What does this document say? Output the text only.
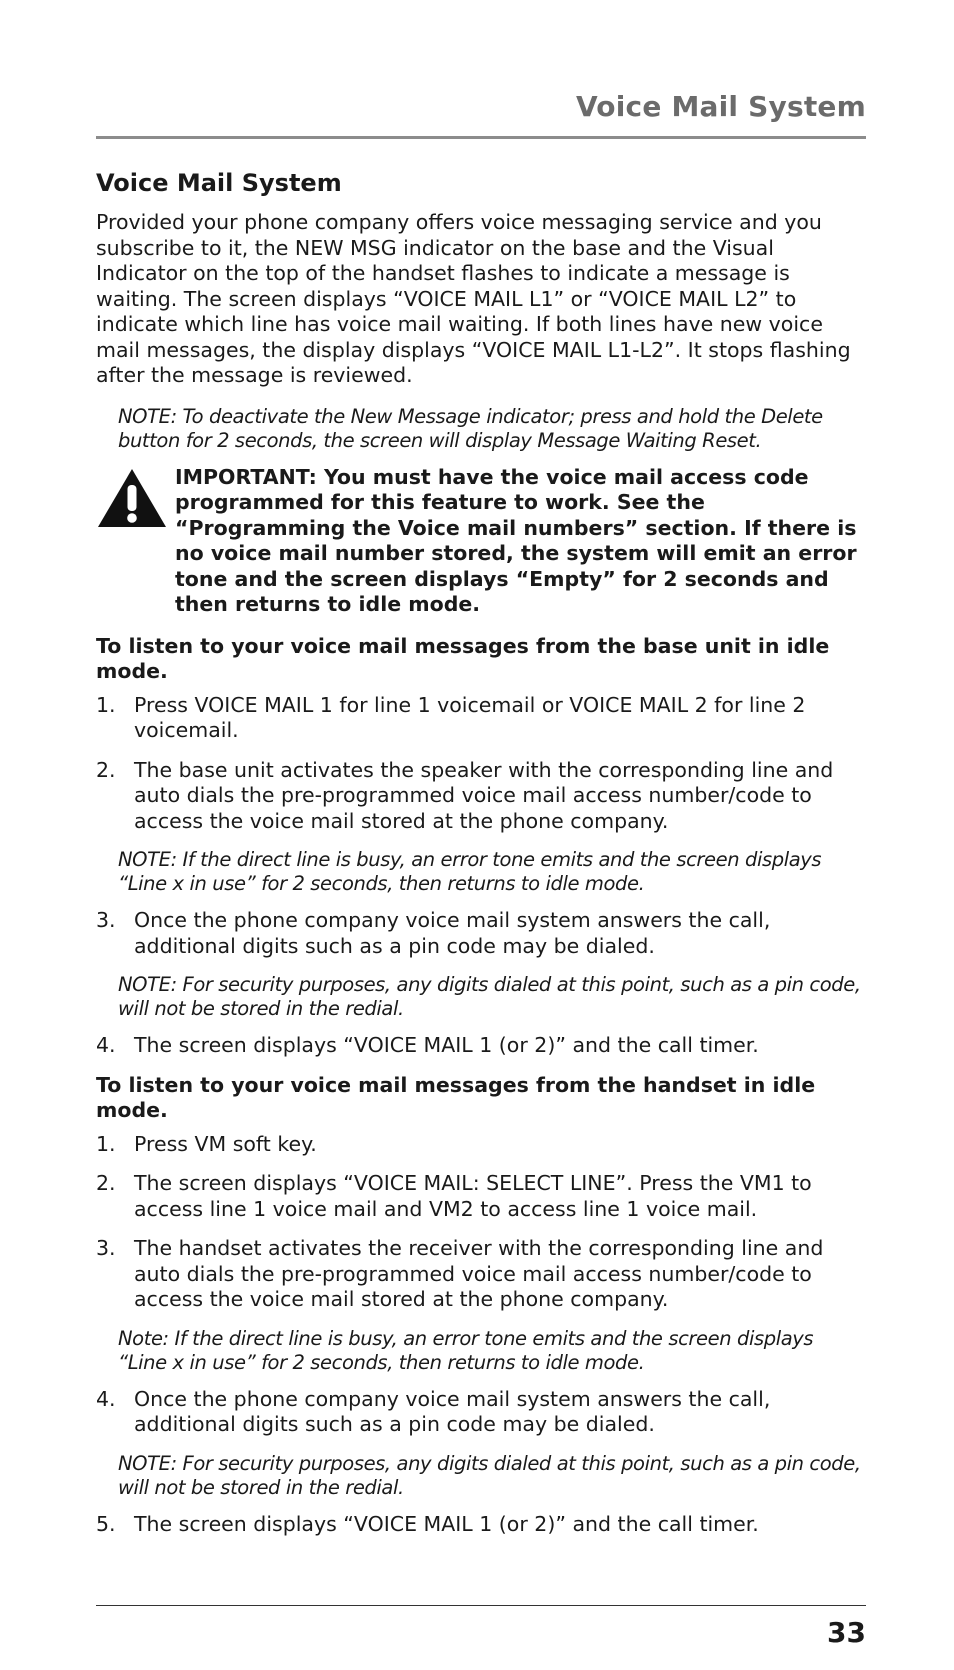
Voice Mail System
Voice Mail System

Provided your phone company offers voice messaging service and you subscribe to it, the NEW MSG indicator on the base and the Visual Indicator on the top of the handset flashes to indicate a message is waiting. The screen displays “VOICE MAIL L1” or “VOICE MAIL L2” to indicate which line has voice mail waiting. If both lines have new voice mail messages, the display displays “VOICE MAIL L1-L2”. It stops flashing after the message is reviewed.

NOTE: To deactivate the New Message indicator; press and hold the Delete button for 2 seconds, the screen will display Message Waiting Reset.
IMPORTANT: You must have the voice mail access code programmed for this feature to work. See the “Programming the Voice mail numbers” section. If there is no voice mail number stored, the system will emit an error tone and the screen displays “Empty” for 2 seconds and then returns to idle mode.
To listen to your voice mail messages from the base unit in idle mode.
1. Press VOICE MAIL 1 for line 1 voicemail or VOICE MAIL 2 for line 2 voicemail.
2. The base unit activates the speaker with the corresponding line and auto dials the pre-programmed voice mail access number/code to access the voice mail stored at the phone company.
NOTE: If the direct line is busy, an error tone emits and the screen displays “Line x in use” for 2 seconds, then returns to idle mode.
3. Once the phone company voice mail system answers the call, additional digits such as a pin code may be dialed.
NOTE: For security purposes, any digits dialed at this point, such as a pin code, will not be stored in the redial.
4. The screen displays “VOICE MAIL 1 (or 2)” and the call timer.
To listen to your voice mail messages from the handset in idle mode.
1. Press VM soft key.
2. The screen displays “VOICE MAIL: SELECT LINE”. Press the VM1 to access line 1 voice mail and VM2 to access line 1 voice mail.
3. The handset activates the receiver with the corresponding line and auto dials the pre-programmed voice mail access number/code to access the voice mail stored at the phone company.
Note: If the direct line is busy, an error tone emits and the screen displays “Line x in use” for 2 seconds, then returns to idle mode.
4. Once the phone company voice mail system answers the call, additional digits such as a pin code may be dialed.
NOTE: For security purposes, any digits dialed at this point, such as a pin code, will not be stored in the redial.
5. The screen displays “VOICE MAIL 1 (or 2)” and the call timer.
33
